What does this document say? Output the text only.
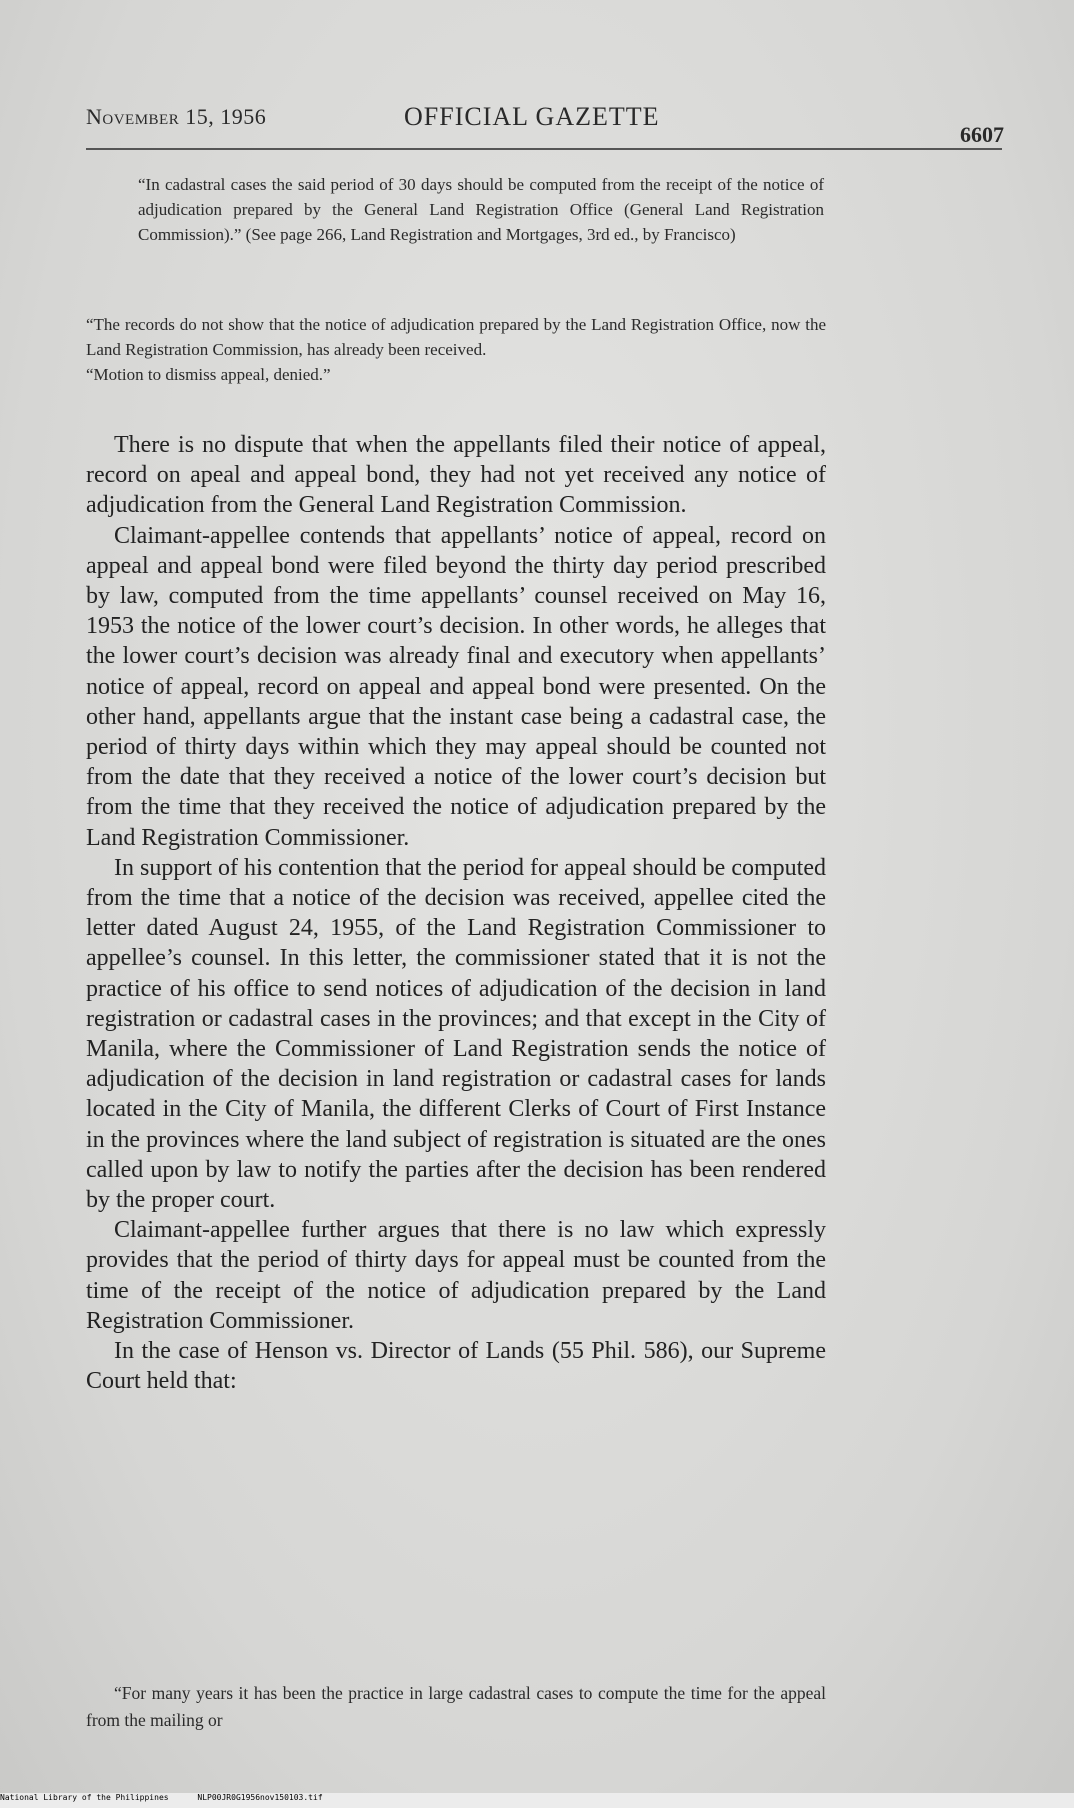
November 15, 1956	OFFICIAL GAZETTE
6607

“In cadastral cases the said period of 30 days should be computed from the receipt of the notice of adjudication prepared by the General Land Registration Office (General Land Registration Commission).” (See page 266, Land Registration and Mortgages, 3rd ed., by Francisco)

“The records do not show that the notice of adjudication prepared by the Land Registration Office, now the Land Registration Commission, has already been received.

“Motion to dismiss appeal, denied.”

There is no dispute that when the appellants filed their notice of appeal, record on apeal and appeal bond, they had not yet received any notice of adjudication from the General Land Registration Commission.

Claimant-appellee contends that appellants’ notice of appeal, record on appeal and appeal bond were filed beyond the thirty day period prescribed by law, computed from the time appellants’ counsel received on May 16, 1953 the notice of the lower court’s decision. In other words, he alleges that the lower court’s decision was already final and executory when appellants’ notice of appeal, record on appeal and appeal bond were presented. On the other hand, appellants argue that the instant case being a cadastral case, the period of thirty days within which they may appeal should be counted not from the date that they received a notice of the lower court’s decision but from the time that they received the notice of adjudication prepared by the Land Registration Commissioner.

In support of his contention that the period for appeal should be computed from the time that a notice of the decision was received, appellee cited the letter dated August 24, 1955, of the Land Registration Commissioner to appellee’s counsel. In this letter, the commissioner stated that it is not the practice of his office to send notices of adjudication of the decision in land registration or cadastral cases in the provinces; and that except in the City of Manila, where the Commissioner of Land Registration sends the notice of adjudication of the decision in land registration or cadastral cases for lands located in the City of Manila, the different Clerks of Court of First Instance in the provinces where the land subject of registration is situated are the ones called upon by law to notify the parties after the decision has been rendered by the proper court.

Claimant-appellee further argues that there is no law which expressly provides that the period of thirty days for appeal must be counted from the time of the receipt of the notice of adjudication prepared by the Land Registration Commissioner.

In the case of Henson vs. Director of Lands (55 Phil. 586), our Supreme Court held that:

“For many years it has been the practice in large cadastral cases to compute the time for the appeal from the mailing or

National Library of the Philippines	NLP00JR0G1956nov150103.tif
